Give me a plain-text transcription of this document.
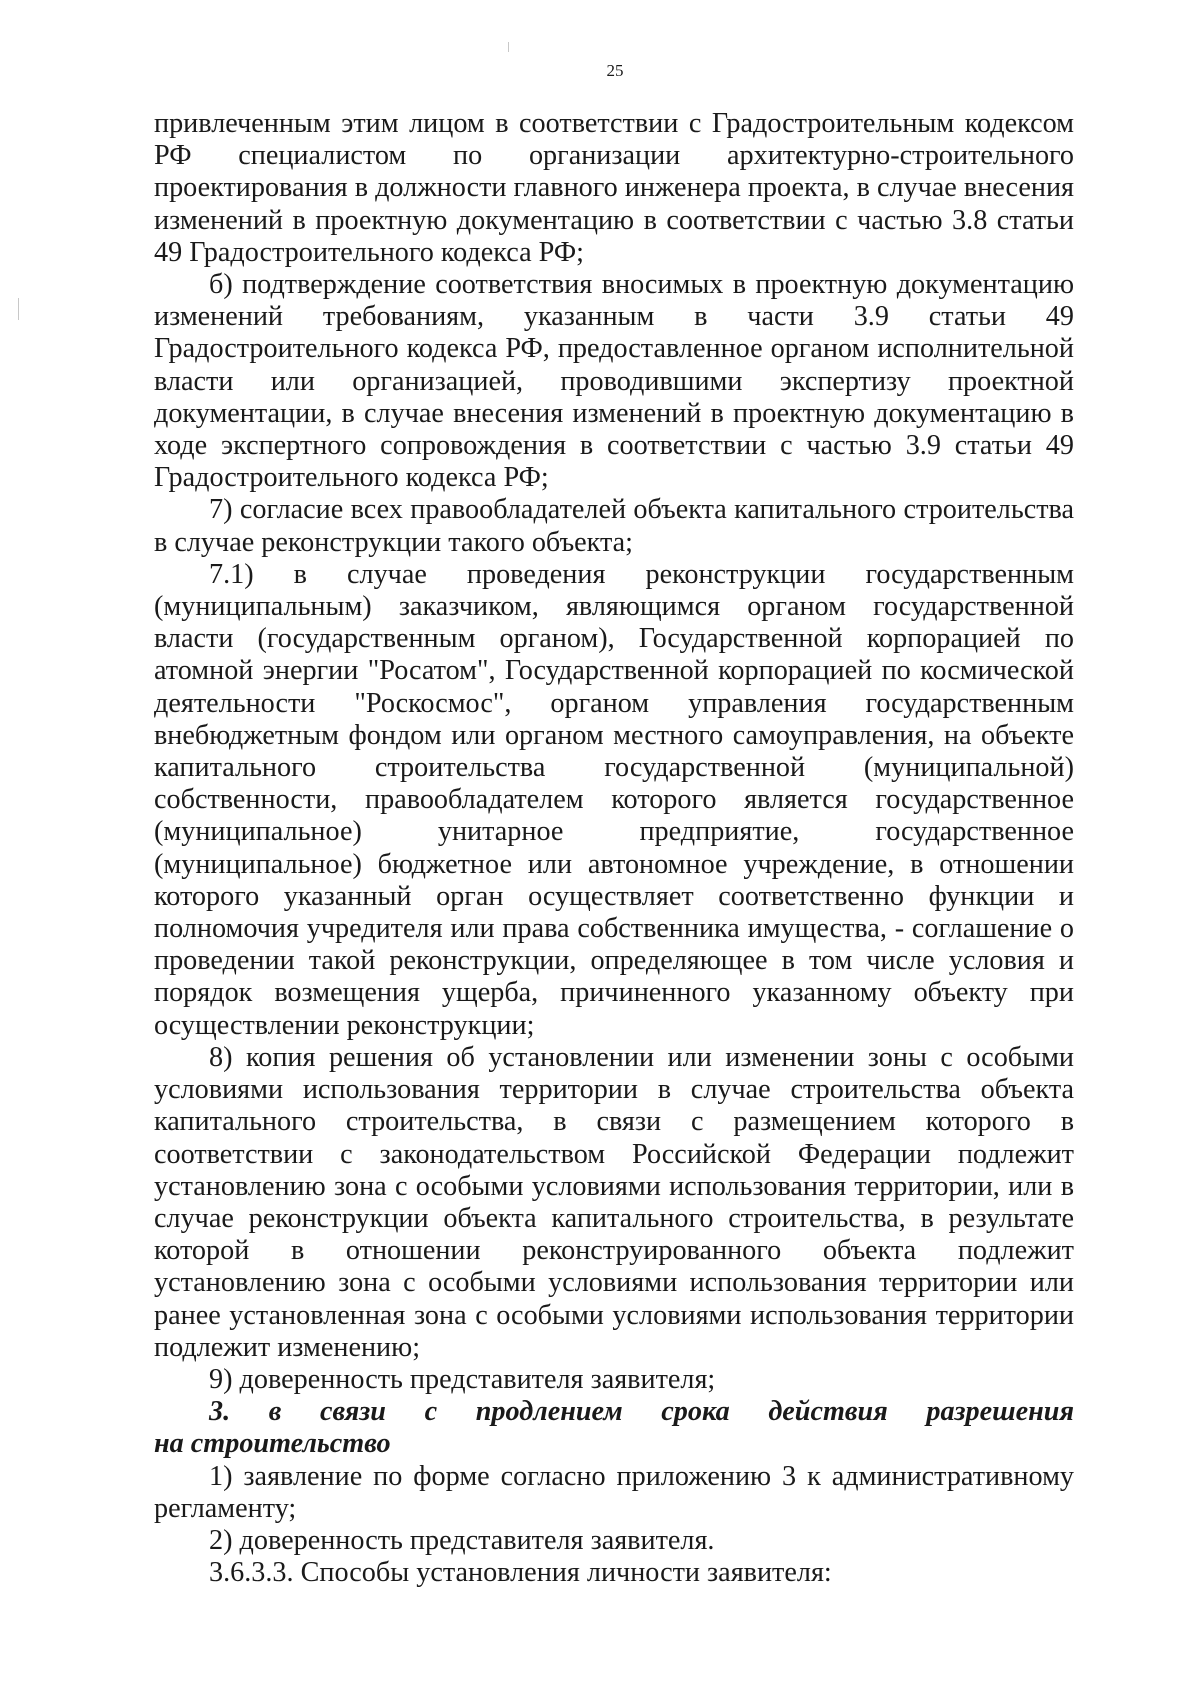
25

привлеченным этим лицом в соответствии с Градостроительным кодексом РФ специалистом по организации архитектурно-строительного проектирования в должности главного инженера проекта, в случае внесения изменений в проектную документацию в соответствии с частью 3.8 статьи 49 Градостроительного кодекса РФ;

б) подтверждение соответствия вносимых в проектную документацию изменений требованиям, указанным в части 3.9 статьи 49 Градостроительного кодекса РФ, предоставленное органом исполнительной власти или организацией, проводившими экспертизу проектной документации, в случае внесения изменений в проектную документацию в ходе экспертного сопровождения в соответствии с частью 3.9 статьи 49 Градостроительного кодекса РФ;

7) согласие всех правообладателей объекта капитального строительства в случае реконструкции такого объекта;

7.1) в случае проведения реконструкции государственным (муниципальным) заказчиком, являющимся органом государственной власти (государственным органом), Государственной корпорацией по атомной энергии "Росатом", Государственной корпорацией по космической деятельности "Роскосмос", органом управления государственным внебюджетным фондом или органом местного самоуправления, на объекте капитального строительства государственной (муниципальной) собственности, правообладателем которого является государственное (муниципальное) унитарное предприятие, государственное (муниципальное) бюджетное или автономное учреждение, в отношении которого указанный орган осуществляет соответственно функции и полномочия учредителя или права собственника имущества, - соглашение о проведении такой реконструкции, определяющее в том числе условия и порядок возмещения ущерба, причиненного указанному объекту при осуществлении реконструкции;

8) копия решения об установлении или изменении зоны с особыми условиями использования территории в случае строительства объекта капитального строительства, в связи с размещением которого в соответствии с законодательством Российской Федерации подлежит установлению зона с особыми условиями использования территории, или в случае реконструкции объекта капитального строительства, в результате которой в отношении реконструированного объекта подлежит установлению зона с особыми условиями использования территории или ранее установленная зона с особыми условиями использования территории подлежит изменению;

9) доверенность представителя заявителя;

3. в связи с продлением срока действия разрешения на строительство

1) заявление по форме согласно приложению 3 к административному регламенту;

2) доверенность представителя заявителя.

3.6.3.3. Способы установления личности заявителя:
